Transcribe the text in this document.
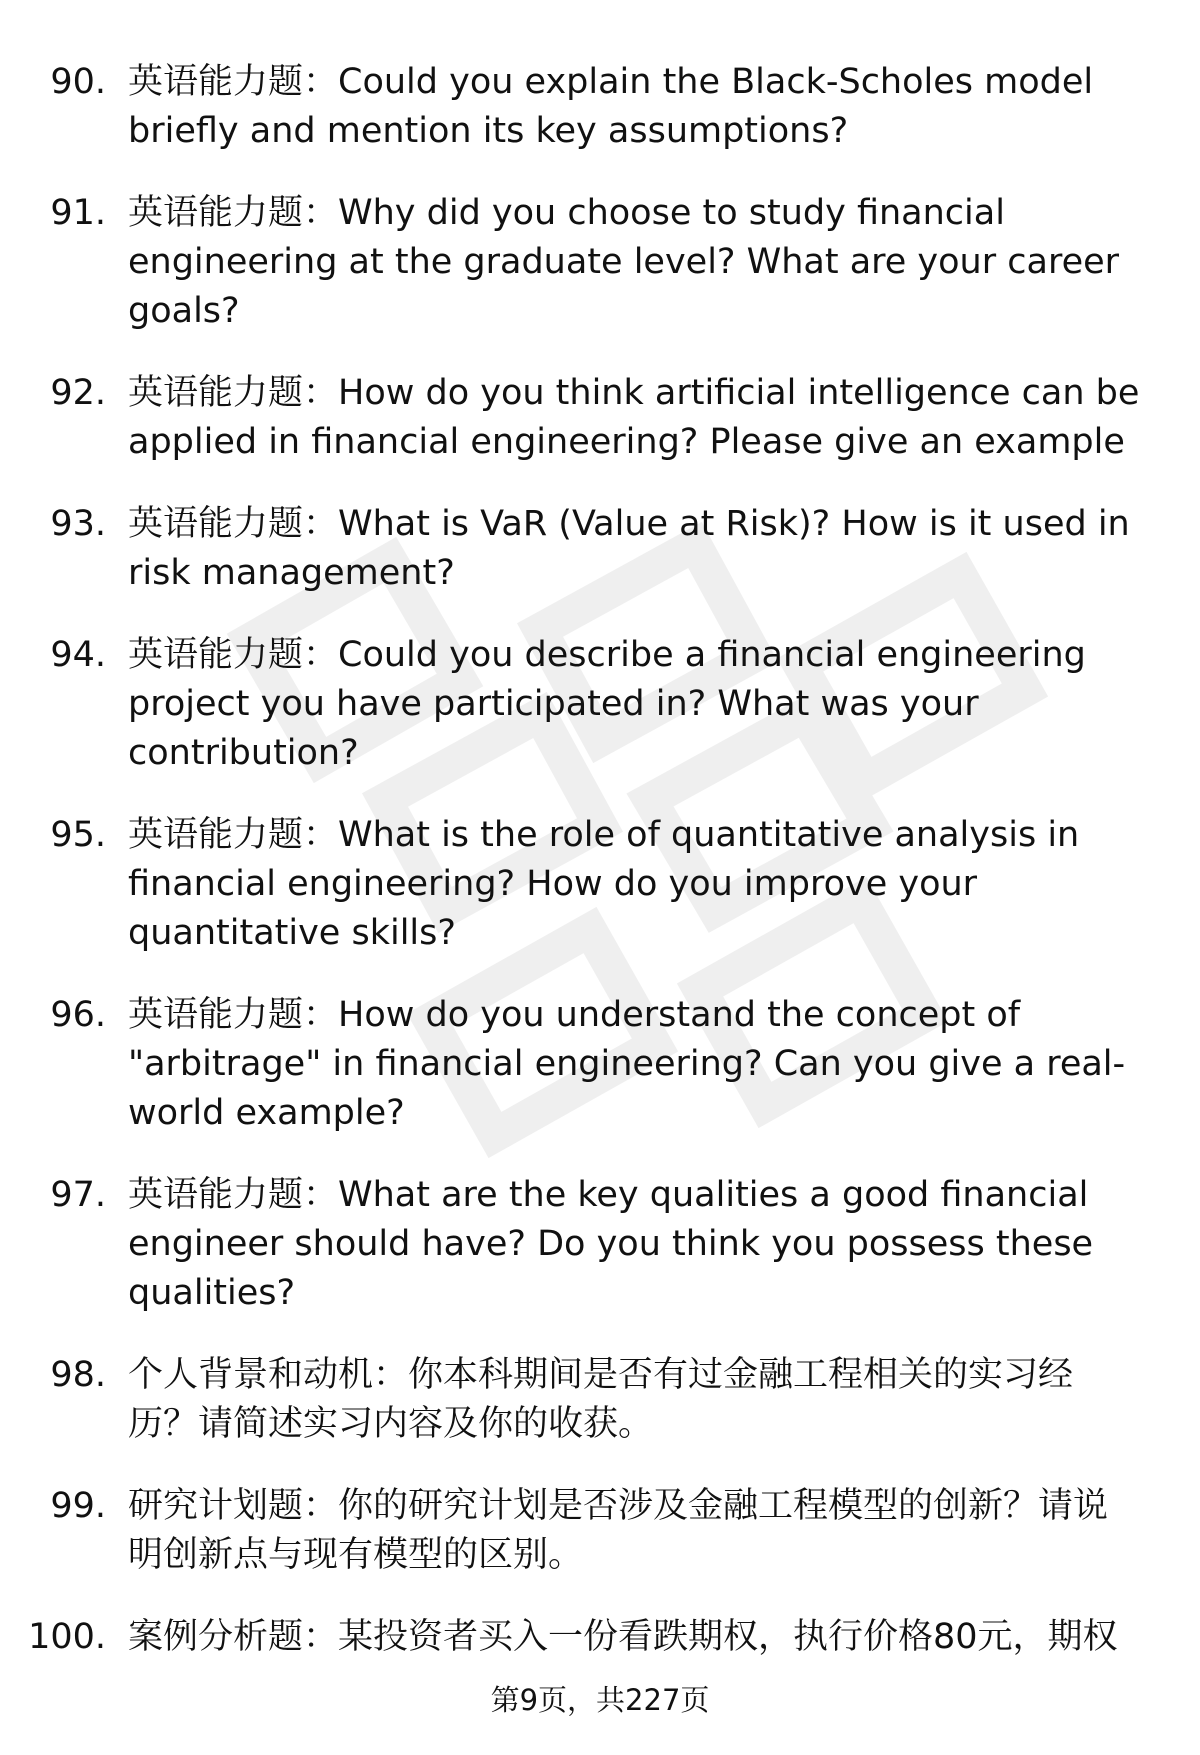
90. 英语能力题：Could you explain the Black-Scholes model briefly and mention its key assumptions?
91. 英语能力题：Why did you choose to study financial engineering at the graduate level? What are your career goals?
92. 英语能力题：How do you think artificial intelligence can be applied in financial engineering? Please give an example
93. 英语能力题：What is VaR (Value at Risk)? How is it used in risk management?
94. 英语能力题：Could you describe a financial engineering project you have participated in? What was your contribution?
95. 英语能力题：What is the role of quantitative analysis in financial engineering? How do you improve your quantitative skills?
96. 英语能力题：How do you understand the concept of "arbitrage" in financial engineering? Can you give a real-world example?
97. 英语能力题：What are the key qualities a good financial engineer should have? Do you think you possess these qualities?
98. 个人背景和动机：你本科期间是否有过金融工程相关的实习经历？请简述实习内容及你的收获。
99. 研究计划题：你的研究计划是否涉及金融工程模型的创新？请说明创新点与现有模型的区别。
100. 案例分析题：某投资者买入一份看跌期权，执行价格80元，期权
第9页，共227页
